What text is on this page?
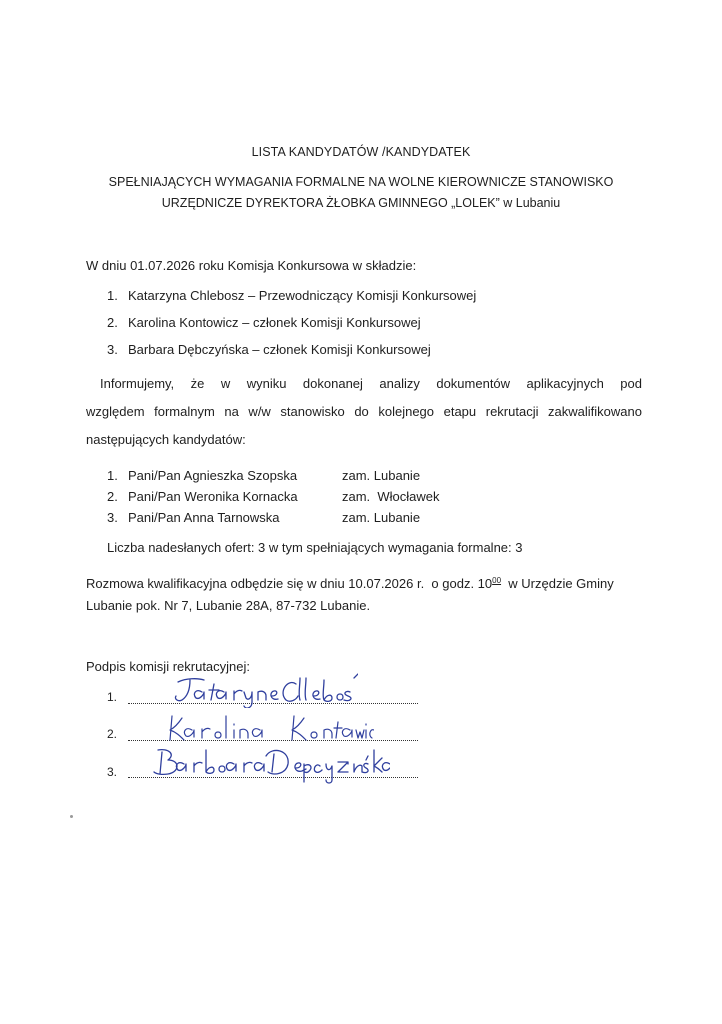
LISTA KANDYDATÓW /KANDYDATEK
SPEŁNIAJĄCYCH WYMAGANIA FORMALNE NA WOLNE KIEROWNICZE STANOWISKO
URZĘDNICZE DYREKTORA ŻŁOBKA GMINNEGO „LOLEK” w Lubaniu
W dniu 01.07.2026 roku Komisja Konkursowa w składzie:
1. Katarzyna Chlebosz – Przewodniczący Komisji Konkursowej
2. Karolina Kontowicz – członek Komisji Konkursowej
3. Barbara Dębczyńska – członek Komisji Konkursowej
Informujemy, że w wyniku dokonanej analizy dokumentów aplikacyjnych pod
względem formalnym na w/w stanowisko do kolejnego etapu rekrutacji zakwalifikowano
następujących kandydatów:
1. Pani/Pan Agnieszka Szopska	zam. Lubanie
2. Pani/Pan Weronika Kornacka	zam.  Włocławek
3. Pani/Pan Anna Tarnowska	zam. Lubanie
Liczba nadesłanych ofert: 3 w tym spełniających wymagania formalne: 3
Rozmowa kwalifikacyjna odbędzie się w dniu 10.07.2026 r.  o godz. $10^{00}$  w Urzędzie Gminy
Lubanie pok. Nr 7, Lubanie 28A, 87-732 Lubanie.
Podpis komisji rekrutacyjnej:
1.
2.
3.
